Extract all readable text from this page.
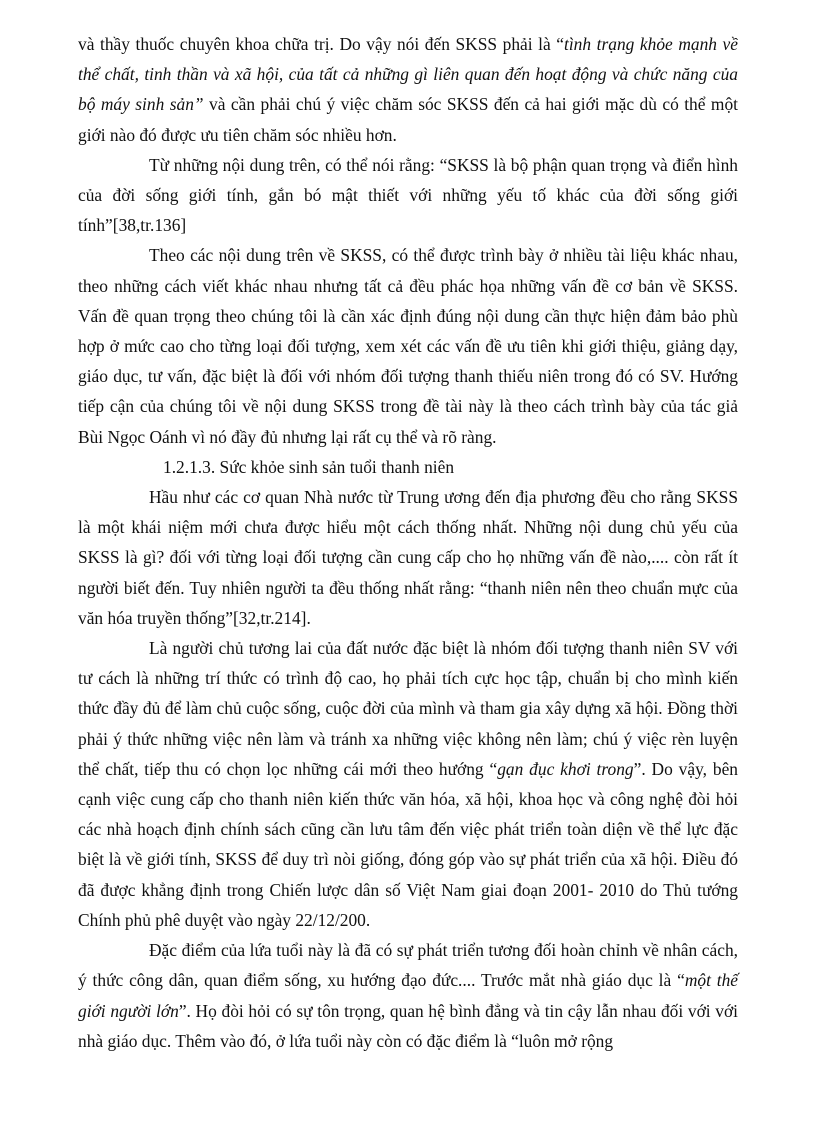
và thầy thuốc chuyên khoa chữa trị. Do vậy nói đến SKSS phải là “tình trạng khỏe mạnh về thể chất, tinh thần và xã hội, của tất cả những gì liên quan đến hoạt động và chức năng của bộ máy sinh sản” và cần phải chú ý việc chăm sóc SKSS đến cả hai giới mặc dù có thể một giới nào đó được ưu tiên chăm sóc nhiều hơn.

Từ những nội dung trên, có thể nói rằng: “SKSS là bộ phận quan trọng và điển hình của đời sống giới tính, gắn bó mật thiết với những yếu tố khác của đời sống giới tính”[38,tr.136]

Theo các nội dung trên về SKSS, có thể được trình bày ở nhiều tài liệu khác nhau, theo những cách viết khác nhau nhưng tất cả đều phác họa những vấn đề cơ bản về SKSS. Vấn đề quan trọng theo chúng tôi là cần xác định đúng nội dung cần thực hiện đảm bảo phù hợp ở mức cao cho từng loại đối tượng, xem xét các vấn đề ưu tiên khi giới thiệu, giảng dạy, giáo dục, tư vấn, đặc biệt là đối với nhóm đối tượng thanh thiếu niên trong đó có SV. Hướng tiếp cận của chúng tôi về nội dung SKSS trong đề tài này là theo cách trình bày của tác giả Bùi Ngọc Oánh vì nó đầy đủ nhưng lại rất cụ thể và rõ ràng.

1.2.1.3. Sức khỏe sinh sản tuổi thanh niên

Hầu như các cơ quan Nhà nước từ Trung ương đến địa phương đều cho rằng SKSS là một khái niệm mới chưa được hiểu một cách thống nhất. Những nội dung chủ yếu của SKSS là gì? đối với từng loại đối tượng cần cung cấp cho họ những vấn đề nào,.... còn rất ít người biết đến. Tuy nhiên người ta đều thống nhất rằng: “thanh niên nên theo chuẩn mực của văn hóa truyền thống”[32,tr.214].

Là người chủ tương lai của đất nước đặc biệt là nhóm đối tượng thanh niên SV với tư cách là những trí thức có trình độ cao, họ phải tích cực học tập, chuẩn bị cho mình kiến thức đầy đủ để làm chủ cuộc sống, cuộc đời của mình và tham gia xây dựng xã hội. Đồng thời phải ý thức những việc nên làm và tránh xa những việc không nên làm; chú ý việc rèn luyện thể chất, tiếp thu có chọn lọc những cái mới theo hướng “gạn đục khơi trong”. Do vậy, bên cạnh việc cung cấp cho thanh niên kiến thức văn hóa, xã hội, khoa học và công nghệ đòi hỏi các nhà hoạch định chính sách cũng cần lưu tâm đến việc phát triển toàn diện về thể lực đặc biệt là về giới tính, SKSS để duy trì nòi giống, đóng góp vào sự phát triển của xã hội. Điều đó đã được khẳng định trong Chiến lược dân số Việt Nam giai đoạn 2001- 2010 do Thủ tướng Chính phủ phê duyệt vào ngày 22/12/200.

Đặc điểm của lứa tuổi này là đã có sự phát triển tương đối hoàn chỉnh về nhân cách, ý thức công dân, quan điểm sống, xu hướng đạo đức.... Trước mắt nhà giáo dục là “một thế giới người lớn”. Họ đòi hỏi có sự tôn trọng, quan hệ bình đẳng và tin cậy lẫn nhau đối với với nhà giáo dục. Thêm vào đó, ở lứa tuổi này còn có đặc điểm là “luôn mở rộng
